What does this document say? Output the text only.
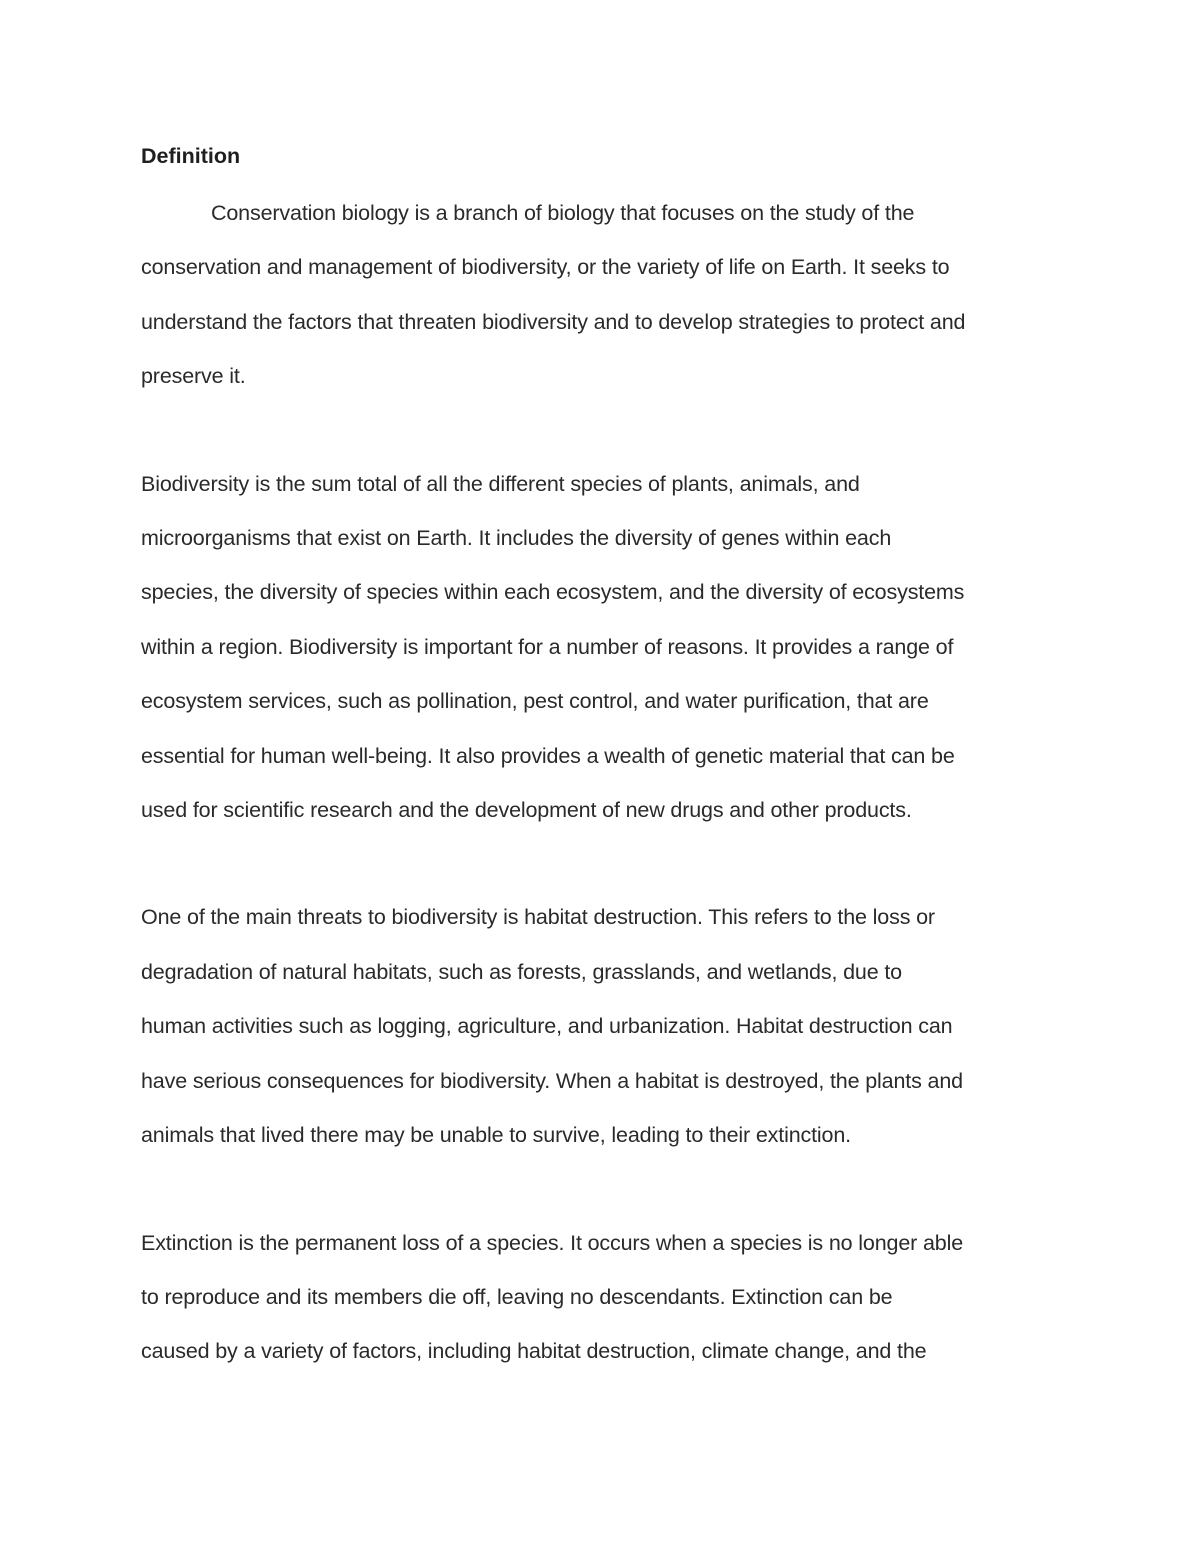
Definition

Conservation biology is a branch of biology that focuses on the study of the
conservation and management of biodiversity, or the variety of life on Earth. It seeks to
understand the factors that threaten biodiversity and to develop strategies to protect and
preserve it.

Biodiversity is the sum total of all the different species of plants, animals, and
microorganisms that exist on Earth. It includes the diversity of genes within each
species, the diversity of species within each ecosystem, and the diversity of ecosystems
within a region. Biodiversity is important for a number of reasons. It provides a range of
ecosystem services, such as pollination, pest control, and water purification, that are
essential for human well-being. It also provides a wealth of genetic material that can be
used for scientific research and the development of new drugs and other products.

One of the main threats to biodiversity is habitat destruction. This refers to the loss or
degradation of natural habitats, such as forests, grasslands, and wetlands, due to
human activities such as logging, agriculture, and urbanization. Habitat destruction can
have serious consequences for biodiversity. When a habitat is destroyed, the plants and
animals that lived there may be unable to survive, leading to their extinction.

Extinction is the permanent loss of a species. It occurs when a species is no longer able
to reproduce and its members die off, leaving no descendants. Extinction can be
caused by a variety of factors, including habitat destruction, climate change, and the
